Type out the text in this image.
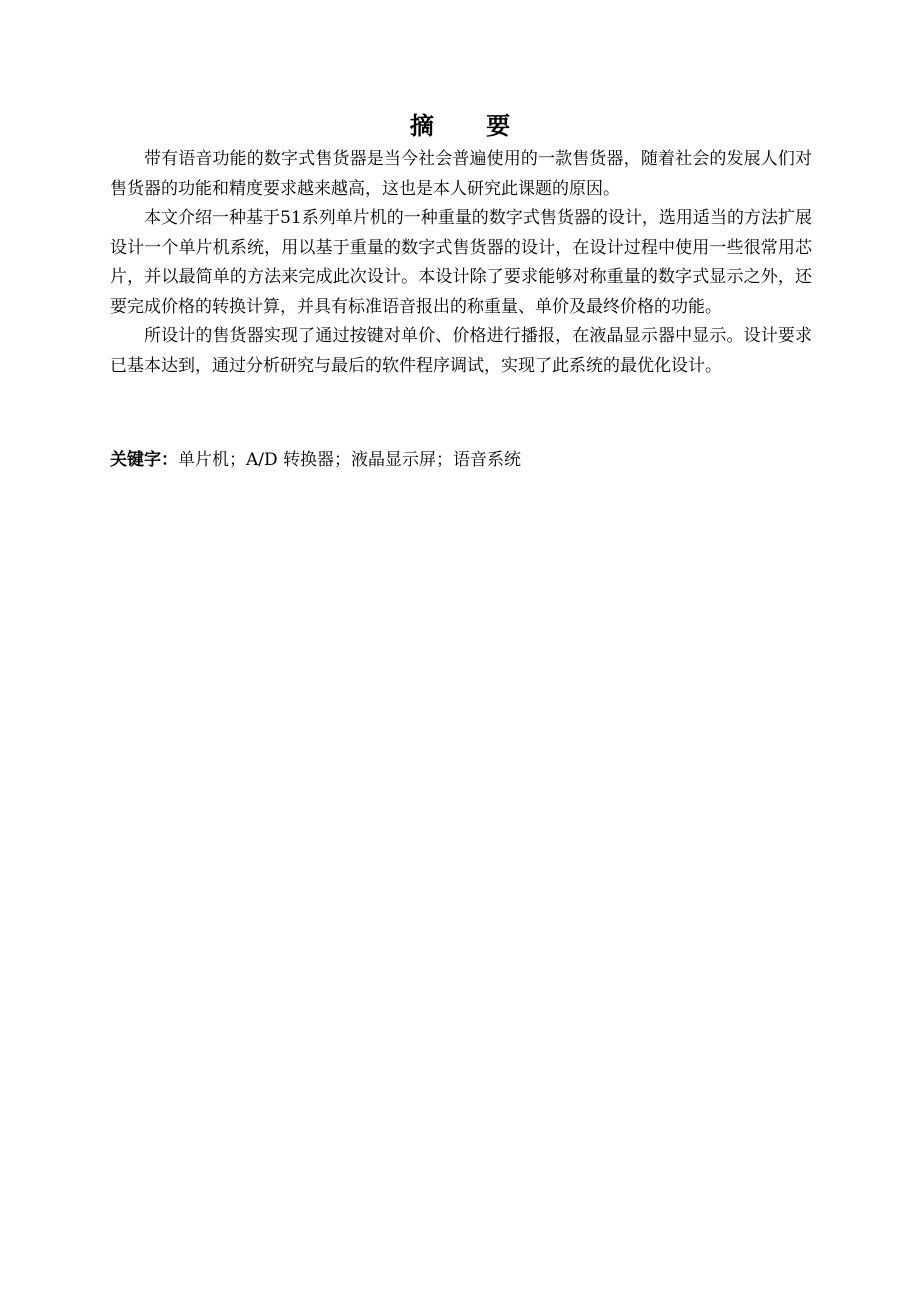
摘 要

带有语音功能的数字式售货器是当今社会普遍使用的一款售货器，随着社会的发展人们对售货器的功能和精度要求越来越高，这也是本人研究此课题的原因。

本文介绍一种基于51系列单片机的一种重量的数字式售货器的设计，选用适当的方法扩展设计一个单片机系统，用以基于重量的数字式售货器的设计，在设计过程中使用一些很常用芯片，并以最简单的方法来完成此次设计。本设计除了要求能够对称重量的数字式显示之外，还要完成价格的转换计算，并具有标准语音报出的称重量、单价及最终价格的功能。

所设计的售货器实现了通过按键对单价、价格进行播报，在液晶显示器中显示。设计要求已基本达到，通过分析研究与最后的软件程序调试，实现了此系统的最优化设计。

关键字：单片机；A/D 转换器；液晶显示屏；语音系统
